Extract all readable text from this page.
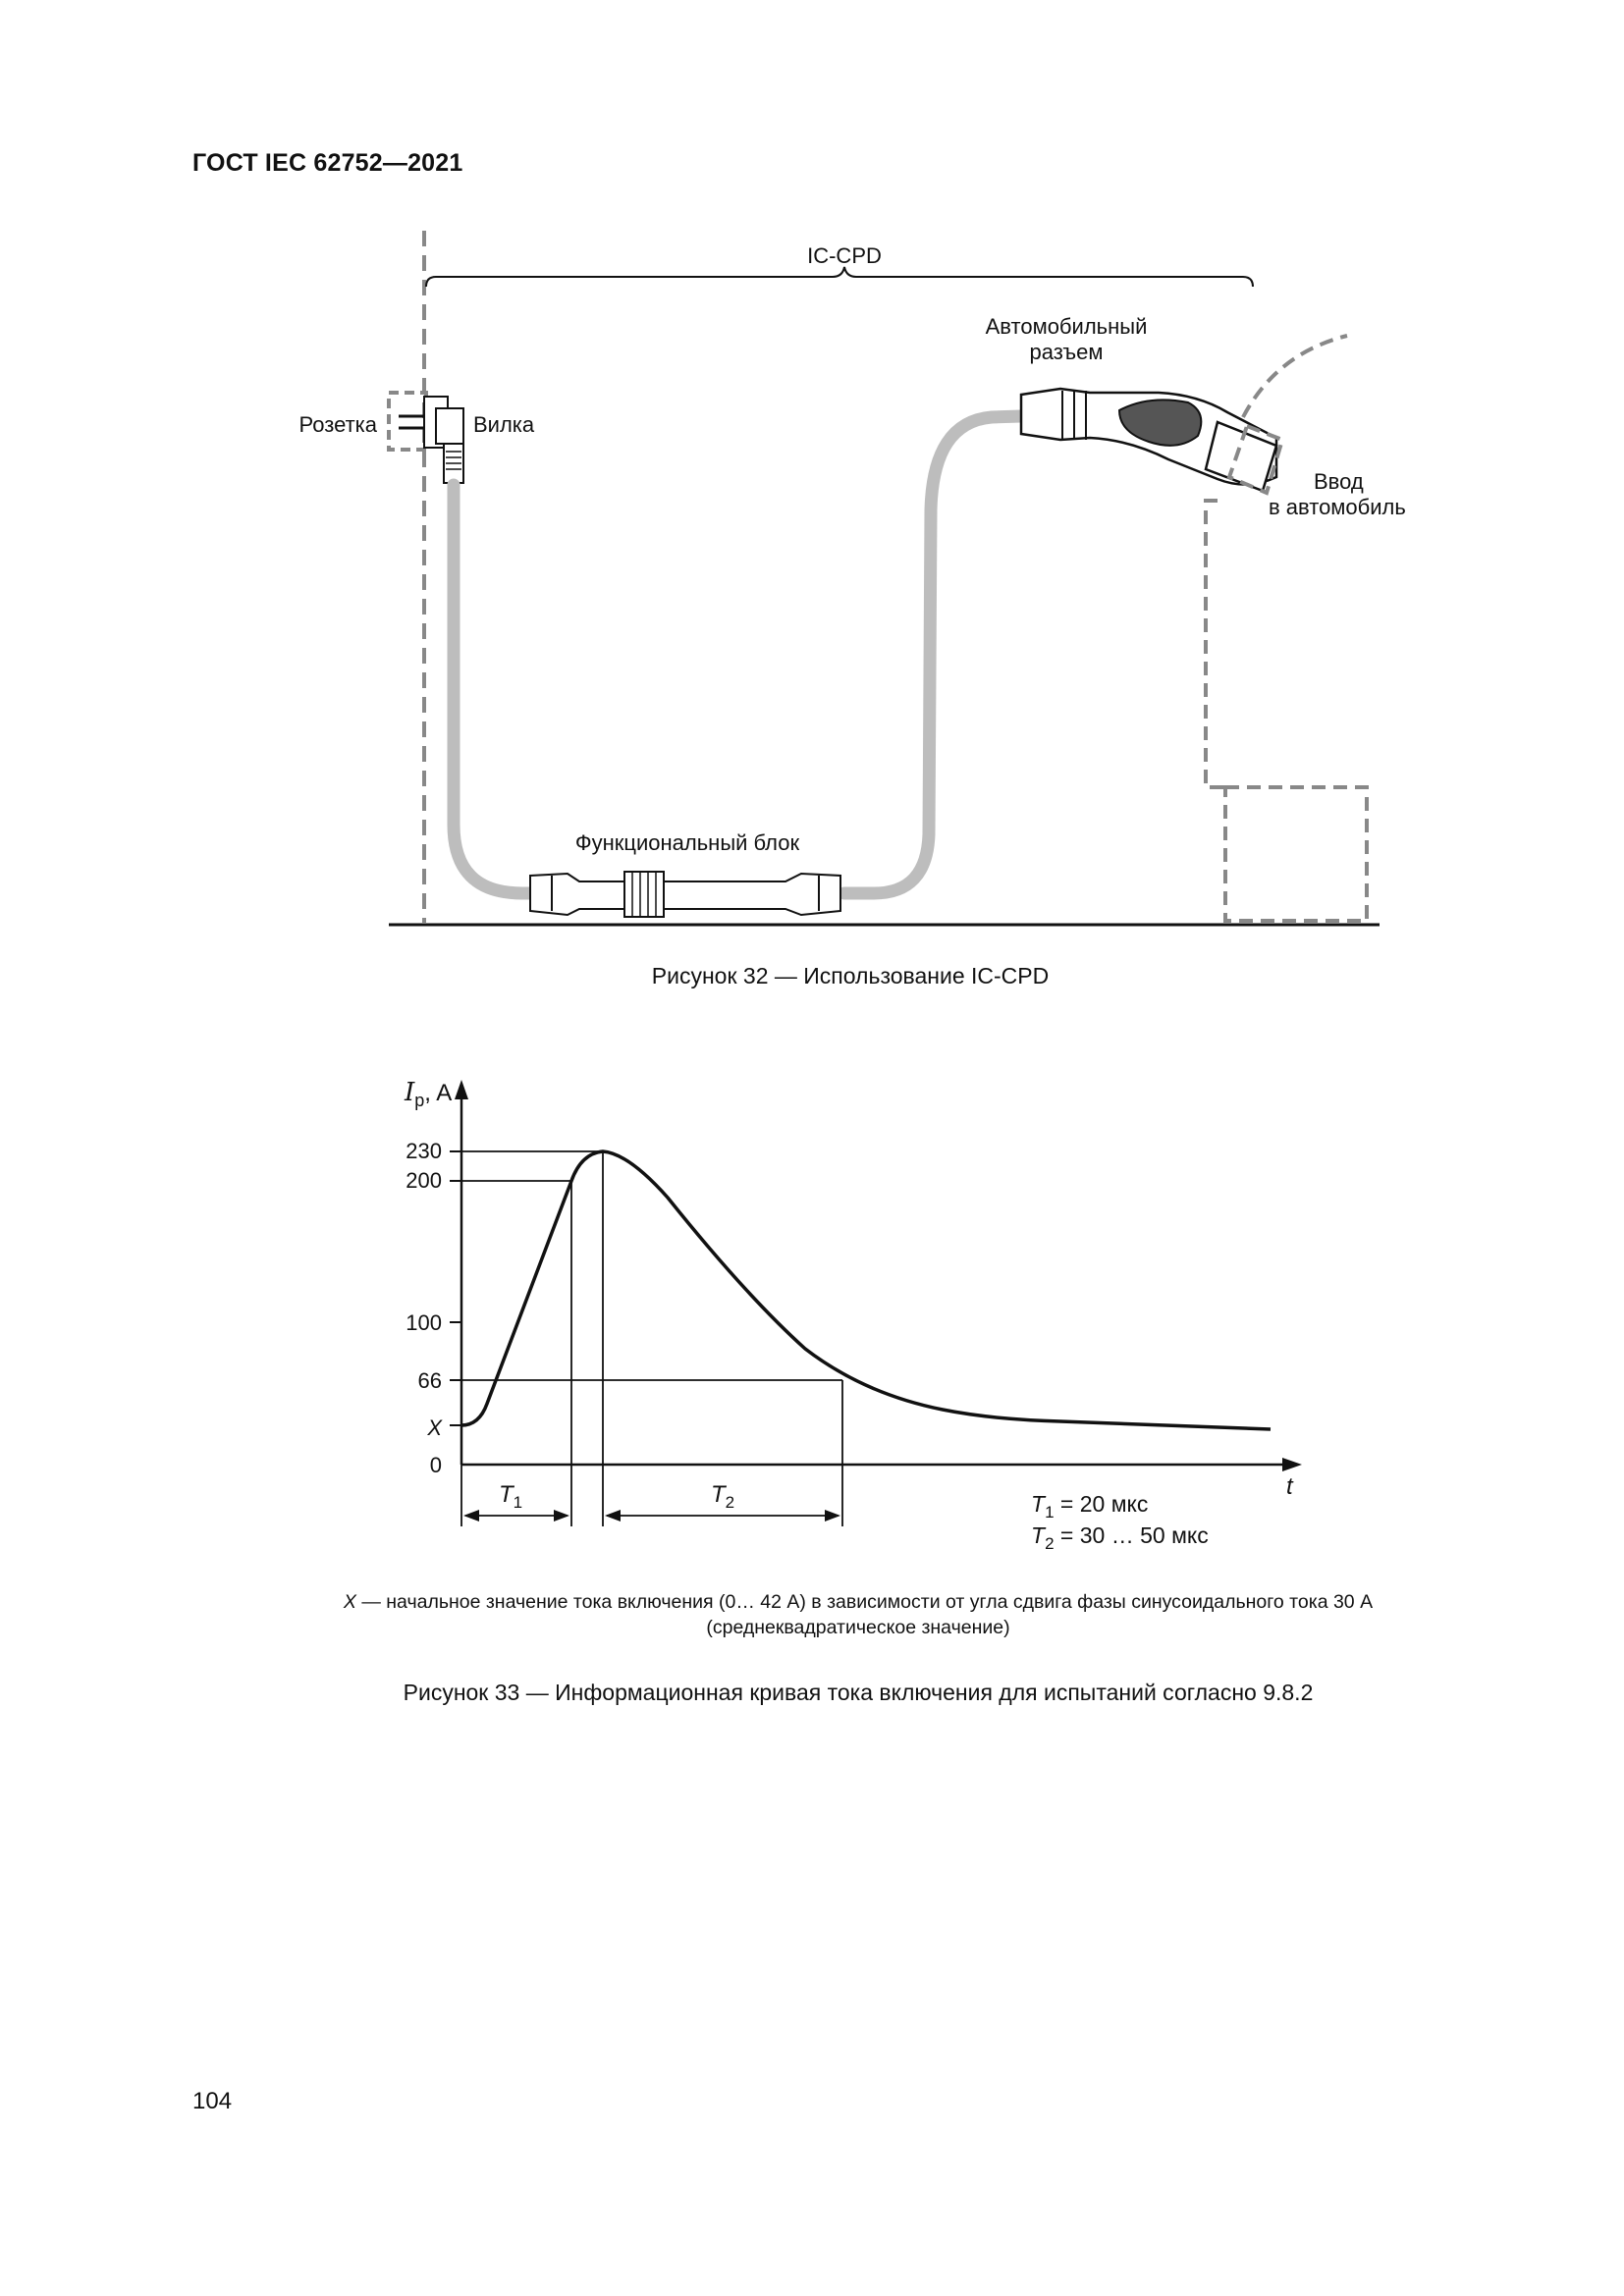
ГОСТ IEC 62752—2021
IC-CPD
Розетка	Вилка
Функциональный блок
Автомобильный
разъем
Ввод
в автомобиль
Рисунок 32 — Использование IC-CPD
$I_p$, A
t
230
200
100
66
X
0
$T_1$	$T_2$	$T_1 = 20$ мкс
$T_2 = 30$ … 50 мкс
X — начальное значение тока включения (0… 42 А) в зависимости от угла сдвига фазы синусоидального тока 30 А
(среднеквадратическое значение)
Рисунок 33 — Информационная кривая тока включения для испытаний согласно 9.8.2
104
